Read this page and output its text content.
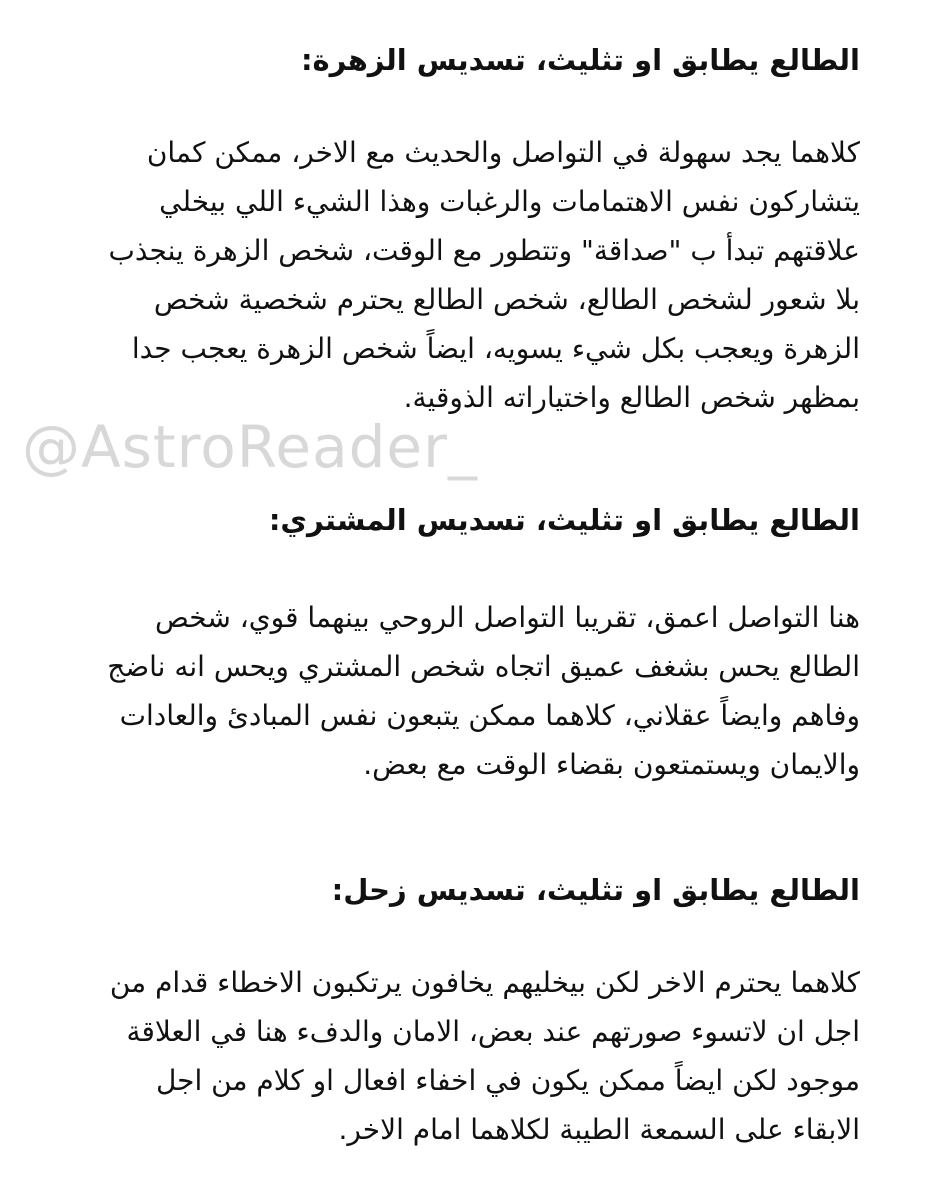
الطالع يطابق او تثليث، تسديس الزهرة:
كلاهما يجد سهولة في التواصل والحديث مع الاخر، ممكن كمان
يتشاركون نفس الاهتمامات والرغبات وهذا الشيء اللي بيخلي
علاقتهم تبدأ ب "صداقة" وتتطور مع الوقت، شخص الزهرة ينجذب
بلا شعور لشخص الطالع، شخص الطالع يحترم شخصية شخص
الزهرة ويعجب بكل شيء يسويه، ايضاً شخص الزهرة يعجب جدا
بمظهر شخص الطالع واختياراته الذوقية.
@AstroReader_
الطالع يطابق او تثليث، تسديس المشتري:
هنا التواصل اعمق، تقريبا التواصل الروحي بينهما قوي، شخص
الطالع يحس بشغف عميق اتجاه شخص المشتري ويحس انه ناضج
وفاهم وايضاً عقلاني، كلاهما ممكن يتبعون نفس المبادئ والعادات
والايمان ويستمتعون بقضاء الوقت مع بعض.
الطالع يطابق او تثليث، تسديس زحل:
كلاهما يحترم الاخر لكن بيخليهم يخافون يرتكبون الاخطاء قدام من
اجل ان لاتسوء صورتهم عند بعض، الامان والدفء هنا في العلاقة
موجود لكن ايضاً ممكن يكون في اخفاء افعال او كلام من اجل
الابقاء على السمعة الطيبة لكلاهما امام الاخر.
